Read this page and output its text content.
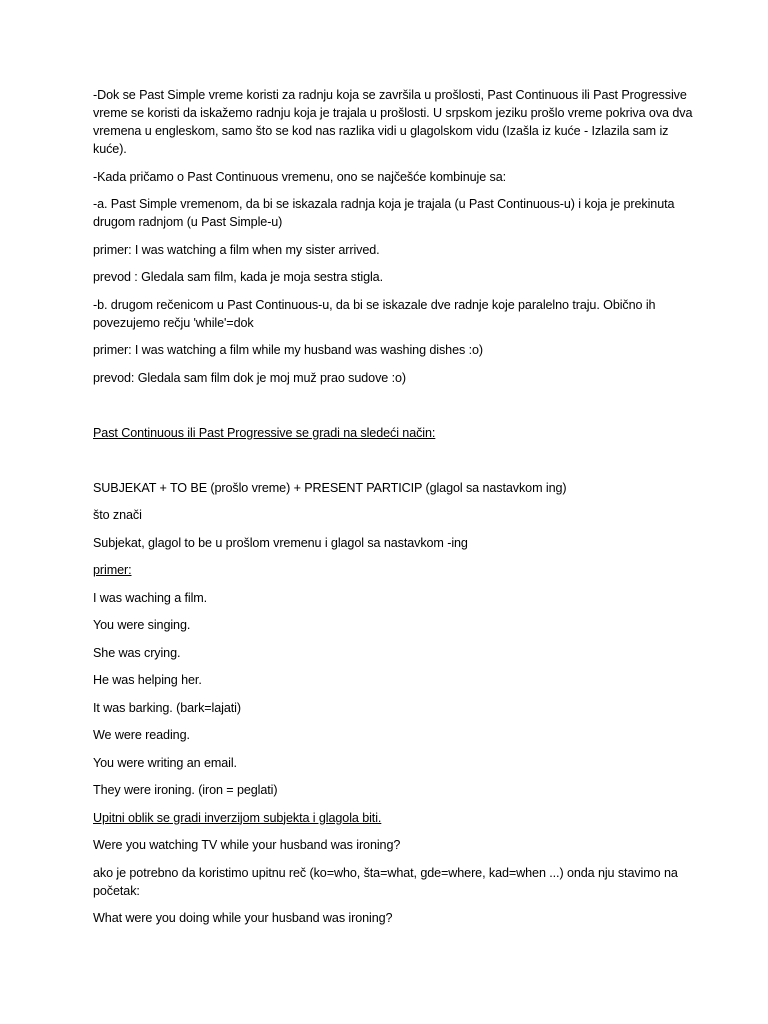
-Dok se Past Simple vreme koristi za radnju koja se završila u prošlosti, Past Continuous ili Past Progressive vreme se koristi da iskažemo radnju koja je trajala u prošlosti. U srpskom jeziku prošlo vreme pokriva ova dva vremena u engleskom, samo što se kod nas razlika vidi u glagolskom vidu (Izašla iz kuće - Izlazila sam iz kuće).

-Kada pričamo o Past Continuous vremenu, ono se najčešće kombinuje sa:

-a. Past Simple vremenom, da bi se iskazala radnja koja je trajala (u Past Continuous-u) i koja je prekinuta drugom radnjom (u Past Simple-u)

primer: I was watching a film when my sister arrived.

prevod : Gledala sam film, kada je moja sestra stigla.

-b. drugom rečenicom u Past Continuous-u, da bi se iskazale dve radnje koje paralelno traju. Obično ih povezujemo rečju 'while'=dok

primer: I was watching a film while my husband was washing dishes :o)

prevod: Gledala sam film dok je moj muž prao sudove :o)

Past Continuous ili Past Progressive se gradi na sledeći način:

SUBJEKAT + TO BE (prošlo vreme) + PRESENT PARTICIP (glagol sa nastavkom ing)

što znači

Subjekat, glagol to be u prošlom vremenu i glagol sa nastavkom -ing

primer:

I was waching a film.

You were singing.

She was crying.

He was helping her.

It was barking. (bark=lajati)

We were reading.

You were writing an email.

They were ironing. (iron = peglati)

Upitni oblik se gradi inverzijom subjekta i glagola biti.

Were you watching TV while your husband was ironing?

ako je potrebno da koristimo upitnu reč (ko=who, šta=what, gde=where, kad=when ...) onda nju stavimo na početak:

What were you doing while your husband was ironing?
